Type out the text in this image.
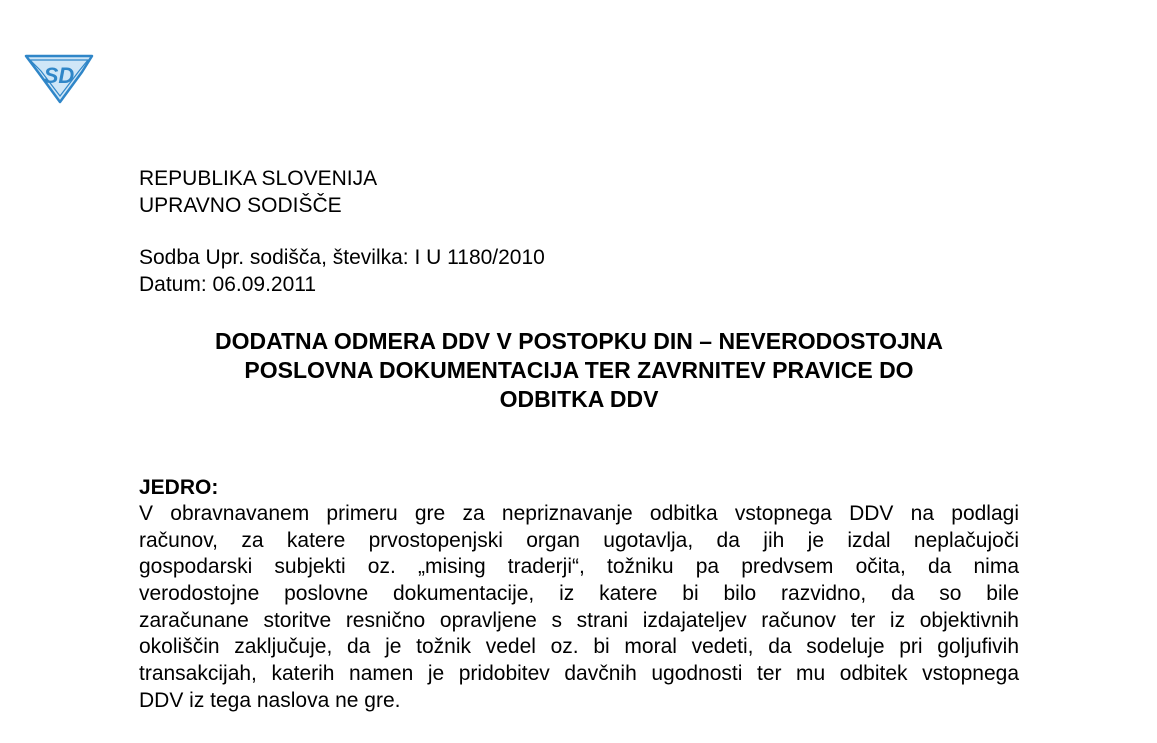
SD
REPUBLIKA SLOVENIJA
UPRAVNO SODIŠČE
Sodba Upr. sodišča, številka: I U 1180/2010
Datum: 06.09.2011
DODATNA ODMERA DDV V POSTOPKU DIN – NEVERODOSTOJNA
POSLOVNA DOKUMENTACIJA TER ZAVRNITEV PRAVICE DO
ODBITKA DDV
JEDRO:
V obravnavanem primeru gre za nepriznavanje odbitka vstopnega DDV na podlagi
računov, za katere prvostopenjski organ ugotavlja, da jih je izdal neplačujoči
gospodarski subjekti oz. „mising traderji“, tožniku pa predvsem očita, da nima
verodostojne poslovne dokumentacije, iz katere bi bilo razvidno, da so bile
zaračunane storitve resnično opravljene s strani izdajateljev računov ter iz objektivnih
okoliščin zaključuje, da je tožnik vedel oz. bi moral vedeti, da sodeluje pri goljufivih
transakcijah, katerih namen je pridobitev davčnih ugodnosti ter mu odbitek vstopnega
DDV iz tega naslova ne gre.
